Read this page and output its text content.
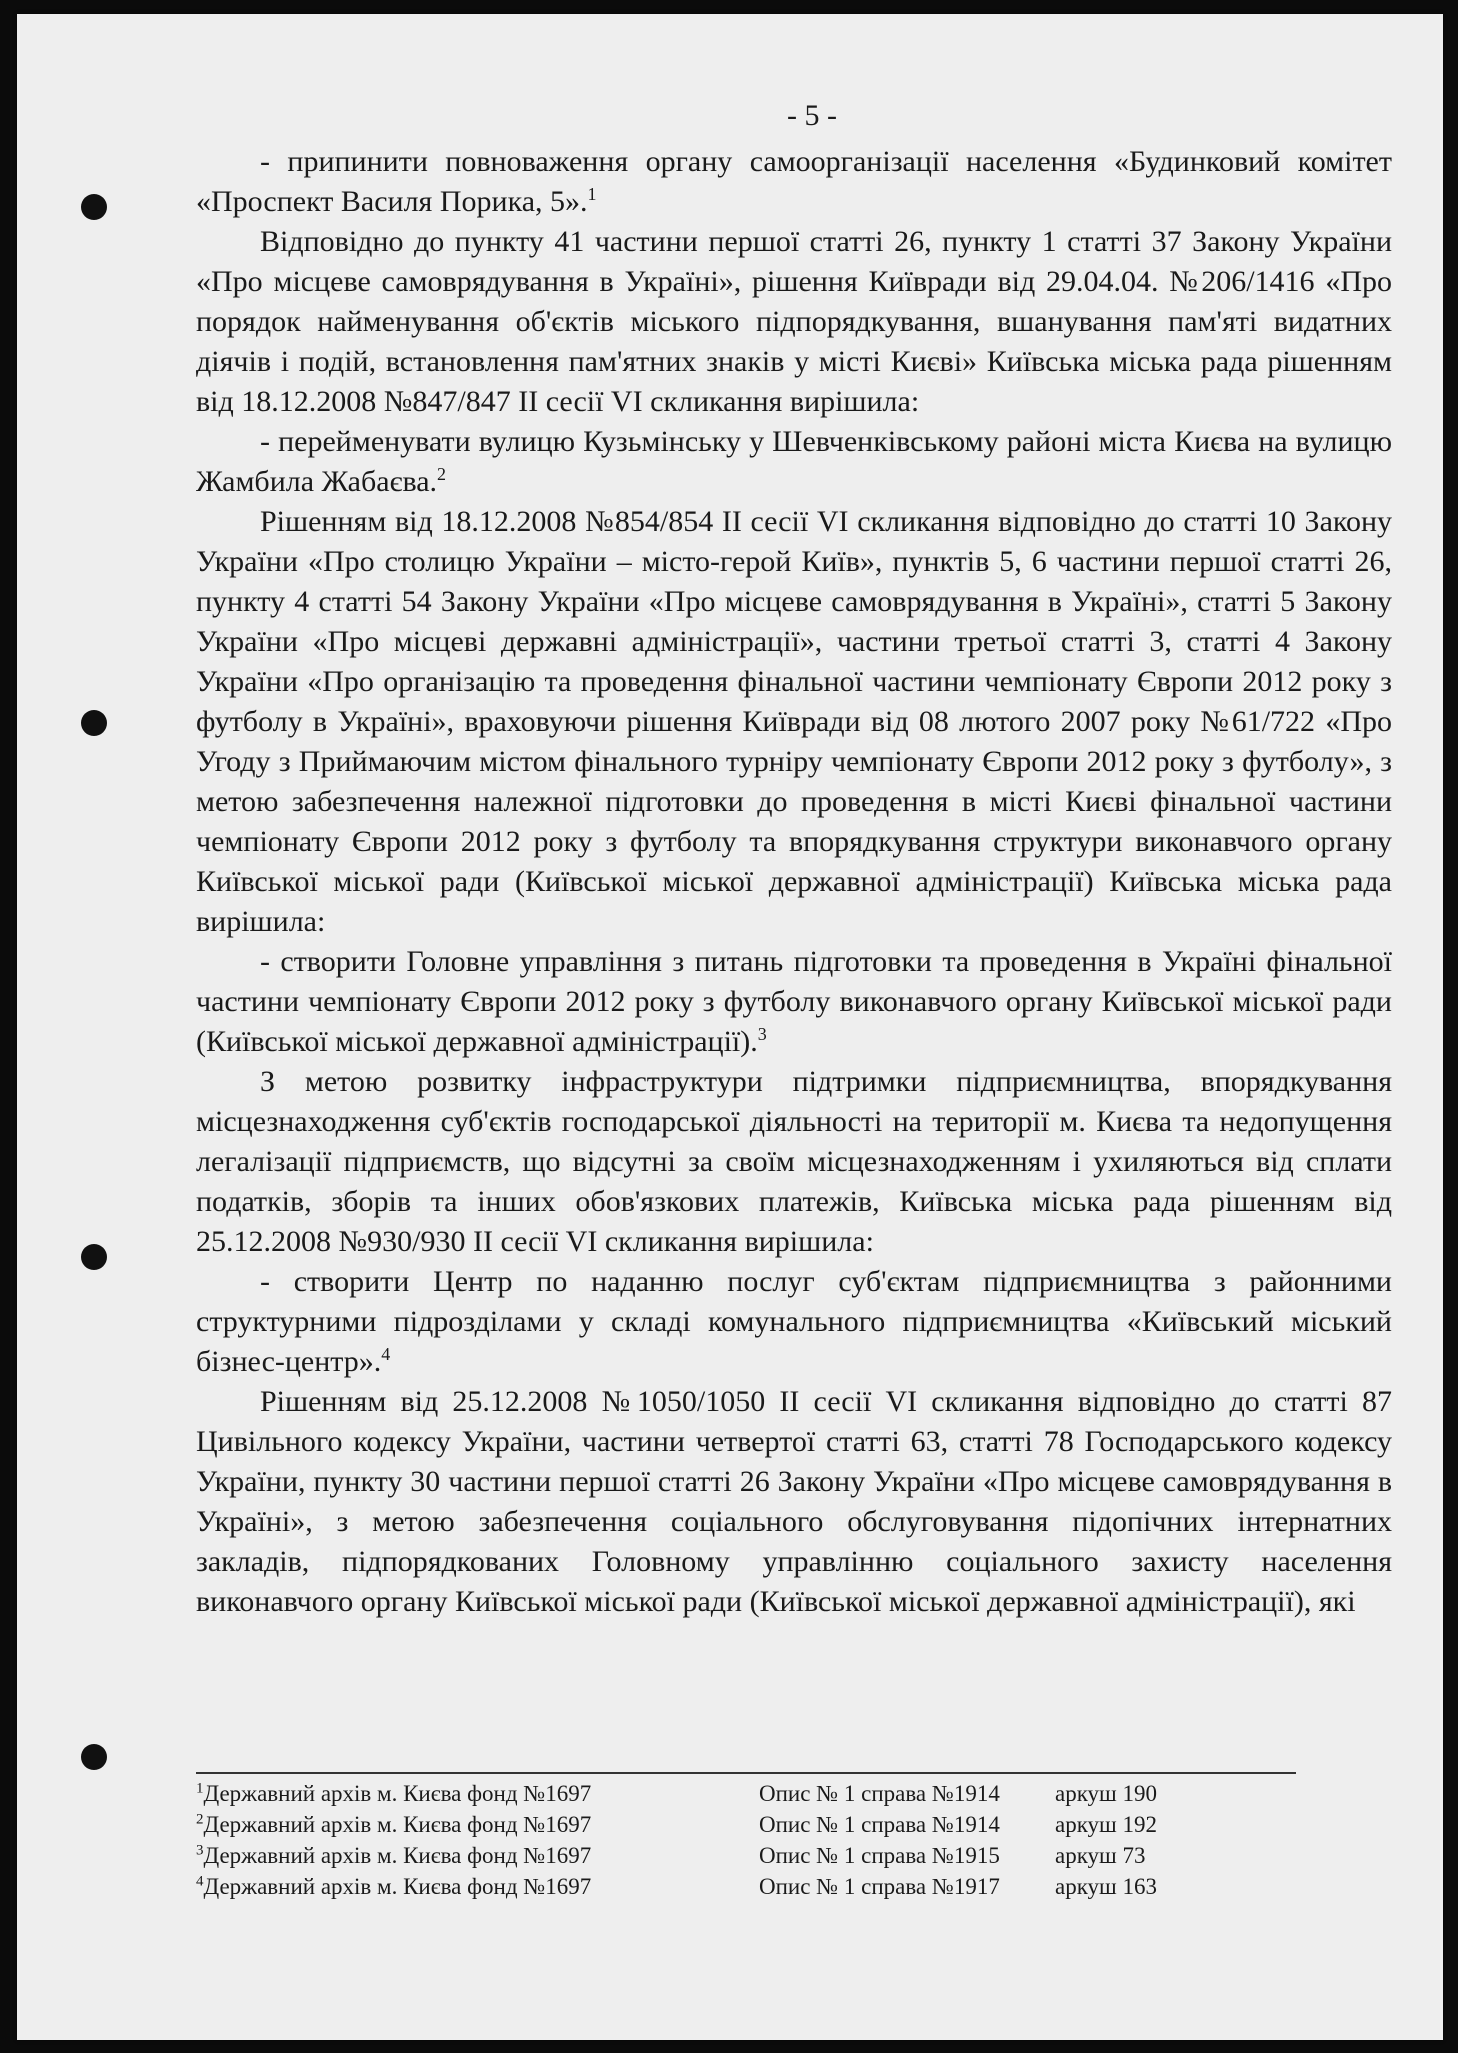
- 5 -

- припинити повноваження органу самоорганізації населення «Будинковий комітет «Проспект Василя Порика, 5».$^1$

Відповідно до пункту 41 частини першої статті 26, пункту 1 статті 37 Закону України «Про місцеве самоврядування в Україні», рішення Київради від 29.04.04. №206/1416 «Про порядок найменування об'єктів міського підпорядкування, вшанування пам'яті видатних діячів і подій, встановлення пам'ятних знаків у місті Києві» Київська міська рада рішенням від 18.12.2008 №847/847 II сесії VI скликання вирішила:

- перейменувати вулицю Кузьмінську у Шевченківському районі міста Києва на вулицю Жамбила Жабаєва.$^2$

Рішенням від 18.12.2008 №854/854 II сесії VI скликання відповідно до статті 10 Закону України «Про столицю України – місто-герой Київ», пунктів 5, 6 частини першої статті 26, пункту 4 статті 54 Закону України «Про місцеве самоврядування в Україні», статті 5 Закону України «Про місцеві державні адміністрації», частини третьої статті 3, статті 4 Закону України «Про організацію та проведення фінальної частини чемпіонату Європи 2012 року з футболу в Україні», враховуючи рішення Київради від 08 лютого 2007 року №61/722 «Про Угоду з Приймаючим містом фінального турніру чемпіонату Європи 2012 року з футболу», з метою забезпечення належної підготовки до проведення в місті Києві фінальної частини чемпіонату Європи 2012 року з футболу та впорядкування структури виконавчого органу Київської міської ради (Київської міської державної адміністрації) Київська міська рада вирішила:

- створити Головне управління з питань підготовки та проведення в Україні фінальної частини чемпіонату Європи 2012 року з футболу виконавчого органу Київської міської ради (Київської міської державної адміністрації).$^3$

З метою розвитку інфраструктури підтримки підприємництва, впорядкування місцезнаходження суб'єктів господарської діяльності на території м. Києва та недопущення легалізації підприємств, що відсутні за своїм місцезнаходженням і ухиляються від сплати податків, зборів та інших обов'язкових платежів, Київська міська рада рішенням від 25.12.2008 №930/930 II сесії VI скликання вирішила:

- створити Центр по наданню послуг суб'єктам підприємництва з районними структурними підрозділами у складі комунального підприємництва «Київський міський бізнес-центр».$^4$

Рішенням від 25.12.2008 №1050/1050 II сесії VI скликання відповідно до статті 87 Цивільного кодексу України, частини четвертої статті 63, статті 78 Господарського кодексу України, пункту 30 частини першої статті 26 Закону України «Про місцеве самоврядування в Україні», з метою забезпечення соціального обслуговування підопічних інтернатних закладів, підпорядкованих Головному управлінню соціального захисту населення виконавчого органу Київської міської ради (Київської міської державної адміністрації), які

$^1$Державний архів м. Києва фонд №1697	Опис № 1 справа №1914	аркуш 190
$^2$Державний архів м. Києва фонд №1697	Опис № 1 справа №1914	аркуш 192
$^3$Державний архів м. Києва фонд №1697	Опис № 1 справа №1915	аркуш 73
$^4$Державний архів м. Києва фонд №1697	Опис № 1 справа №1917	аркуш 163
